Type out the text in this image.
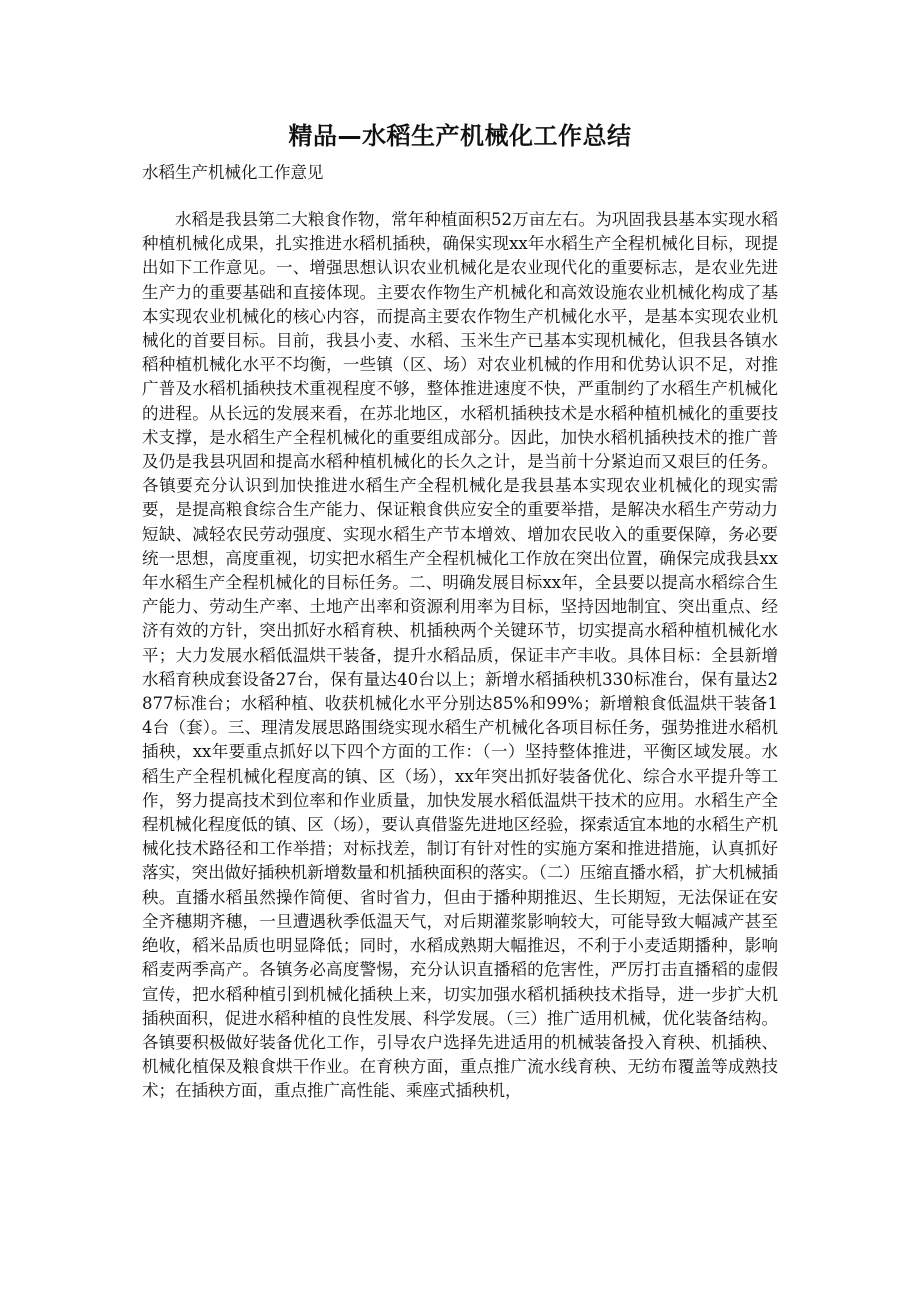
精品—水稻生产机械化工作总结

水稻生产机械化工作意见

水稻是我县第二大粮食作物，常年种植面积52万亩左右。为巩固我县基本实现水稻种植机械化成果，扎实推进水稻机插秧，确保实现xx年水稻生产全程机械化目标，现提出如下工作意见。一、增强思想认识农业机械化是农业现代化的重要标志，是农业先进生产力的重要基础和直接体现。主要农作物生产机械化和高效设施农业机械化构成了基本实现农业机械化的核心内容，而提高主要农作物生产机械化水平，是基本实现农业机械化的首要目标。目前，我县小麦、水稻、玉米生产已基本实现机械化，但我县各镇水稻种植机械化水平不均衡，一些镇（区、场）对农业机械的作用和优势认识不足，对推广普及水稻机插秧技术重视程度不够，整体推进速度不快，严重制约了水稻生产机械化的进程。从长远的发展来看，在苏北地区，水稻机插秧技术是水稻种植机械化的重要技术支撑，是水稻生产全程机械化的重要组成部分。因此，加快水稻机插秧技术的推广普及仍是我县巩固和提高水稻种植机械化的长久之计，是当前十分紧迫而又艰巨的任务。各镇要充分认识到加快推进水稻生产全程机械化是我县基本实现农业机械化的现实需要，是提高粮食综合生产能力、保证粮食供应安全的重要举措，是解决水稻生产劳动力短缺、减轻农民劳动强度、实现水稻生产节本增效、增加农民收入的重要保障，务必要统一思想，高度重视，切实把水稻生产全程机械化工作放在突出位置，确保完成我县xx年水稻生产全程机械化的目标任务。二、明确发展目标xx年，全县要以提高水稻综合生产能力、劳动生产率、土地产出率和资源利用率为目标，坚持因地制宜、突出重点、经济有效的方针，突出抓好水稻育秧、机插秧两个关键环节，切实提高水稻种植机械化水平；大力发展水稻低温烘干装备，提升水稻品质，保证丰产丰收。具体目标：全县新增水稻育秧成套设备27台，保有量达40台以上；新增水稻插秧机330标准台，保有量达2877标准台；水稻种植、收获机械化水平分别达85%和99%；新增粮食低温烘干装备14台（套）。三、理清发展思路围绕实现水稻生产机械化各项目标任务，强势推进水稻机插秧，xx年要重点抓好以下四个方面的工作：（一）坚持整体推进，平衡区域发展。水稻生产全程机械化程度高的镇、区（场），xx年突出抓好装备优化、综合水平提升等工作，努力提高技术到位率和作业质量，加快发展水稻低温烘干技术的应用。水稻生产全程机械化程度低的镇、区（场），要认真借鉴先进地区经验，探索适宜本地的水稻生产机械化技术路径和工作举措；对标找差，制订有针对性的实施方案和推进措施，认真抓好落实，突出做好插秧机新增数量和机插秧面积的落实。（二）压缩直播水稻，扩大机械插秧。直播水稻虽然操作简便、省时省力，但由于播种期推迟、生长期短，无法保证在安全齐穗期齐穗，一旦遭遇秋季低温天气，对后期灌浆影响较大，可能导致大幅减产甚至绝收，稻米品质也明显降低；同时，水稻成熟期大幅推迟，不利于小麦适期播种，影响稻麦两季高产。各镇务必高度警惕，充分认识直播稻的危害性，严厉打击直播稻的虚假宣传，把水稻种植引到机械化插秧上来，切实加强水稻机插秧技术指导，进一步扩大机插秧面积，促进水稻种植的良性发展、科学发展。（三）推广适用机械，优化装备结构。各镇要积极做好装备优化工作，引导农户选择先进适用的机械装备投入育秧、机插秧、机械化植保及粮食烘干作业。在育秧方面，重点推广流水线育秧、无纺布覆盖等成熟技术；在插秧方面，重点推广高性能、乘座式插秧机，
